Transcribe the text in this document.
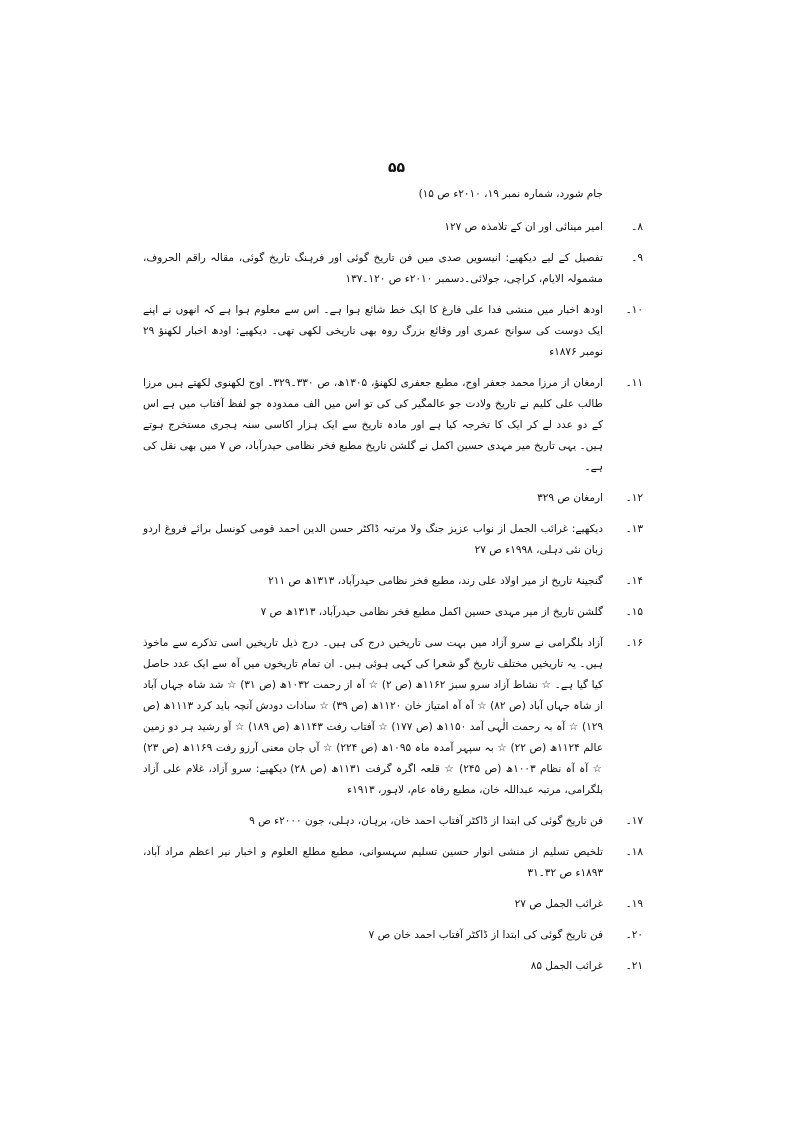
۵۵
جام شورد، شمارہ نمبر ۱۹، ۲۰۱۰ء ص ۱۵)
۸۔
امیر مینائی اور ان کے تلامذہ ص ۱۲۷
۹۔
تفصیل کے لیے دیکھیے: انیسویں صدی میں فن تاریخ گوئی اور فرہنگ تاریخ گوئی، مقالہ راقم الحروف، مشمولہ الایام، کراچی، جولائی۔دسمبر ۲۰۱۰ء ص ۱۲۰۔۱۳۷
۱۰۔
اودھ اخبار میں منشی فدا علی فارغ کا ایک خط شائع ہوا ہے۔ اس سے معلوم ہوا ہے کہ انھوں نے اپنے ایک دوست کی سوانح عمری اور وقائع بزرگ روہ بھی تاریخی لکھی تھی۔ دیکھیے: اودھ اخبار لکھنؤ ۲۹ نومبر ۱۸۷۶ء
۱۱۔
ارمغان از مرزا محمد جعفر اوج، مطبع جعفری لکھنؤ، ۱۳۰۵ھ، ص ۳۳۰۔۳۲۹۔ اوج لکھنوی لکھتے ہیں مرزا طالب علی کلیم نے تاریخ ولادت جو عالمگیر کی کی تو اس میں الف ممدودہ جو لفظ آفتاب میں ہے اس کے دو عدد لے کر ایک کا تخرجہ کیا ہے اور مادہ تاریخ سے ایک ہزار اکاسی سنہ ہجری مستخرج ہوتے ہیں۔ یہی تاریخ میر مہدی حسین اکمل نے گلشن تاریخ مطبع فخر نظامی حیدرآباد، ص ۷ میں بھی نقل کی ہے۔
۱۲۔
ارمغان ص ۳۲۹
۱۳۔
دیکھیے: غرائب الجمل از نواب عزیز جنگ ولا مرتبہ ڈاکٹر حسن الدین احمد قومی کونسل برائے فروغ اردو زبان نئی دہلی، ۱۹۹۸ء ص ۲۷
۱۴۔
گنجینۂ تاریخ از میر اولاد علی رند، مطبع فخر نظامی حیدرآباد، ۱۳۱۳ھ ص ۲۱۱
۱۵۔
گلشن تاریخ از میر مہدی حسین اکمل مطبع فخر نظامی حیدرآباد، ۱۳۱۳ھ ص ۷
۱۶۔
آزاد بلگرامی نے سرو آزاد میں بہت سی تاریخیں درج کی ہیں۔ درج ذیل تاریخیں اسی تذکرے سے ماخوذ ہیں۔ یہ تاریخیں مختلف تاریخ گو شعرا کی کہی ہوئی ہیں۔ ان تمام تاریخوں میں آہ سے ایک عدد حاصل کیا گیا ہے۔ ☆ نشاط آزاد سرو سبز ۱۱۶۲ھ (ص ۲) ☆ آہ از رحمت ۱۰۳۲ھ (ص ۳۱) ☆ شد شاہ جہاں آباد از شاہ جہاں آباد (ص ۸۲) ☆ آہ آہ امتیاز خان ۱۱۲۰ھ (ص ۳۹) ☆ سادات دودش آنچہ باید کرد ۱۱۱۳ھ (ص ۱۲۹) ☆ آہ بہ رحمت الٰہی آمد ۱۱۵۰ھ (ص ۱۷۷) ☆ آفتاب رفت ۱۱۴۳ھ (ص ۱۸۹) ☆ آو رشید ہر دو زمین عالم ۱۱۲۴ھ (ص ۲۲) ☆ بہ سپہر آمدہ ماہ ۱۰۹۵ھ (ص ۲۲۴) ☆ آں جان معنی آرزو رفت ۱۱۶۹ھ (ص ۲۳) ☆ آہ آہ نظام ۱۰۰۳ھ (ص ۲۴۵) ☆ قلعہ اگرہ گرفت ۱۱۳۱ھ (ص ۲۸) دیکھیے: سرو آزاد، غلام علی آزاد بلگرامی، مرتبہ عبداللہ خان، مطبع رفاہ عام، لاہور، ۱۹۱۳ء
۱۷۔
فن تاریخ گوئی کی ابتدا از ڈاکٹر آفتاب احمد خان، برہان، دہلی، جون ۲۰۰۰ء ص ۹
۱۸۔
تلخیص تسلیم از منشی انوار حسین تسلیم سہسوانی، مطبع مطلع العلوم و اخبار نیر اعظم مراد آباد، ۱۸۹۳ء ص ۳۲۔۳۱
۱۹۔
غرائب الجمل ص ۲۷
۲۰۔
فن تاریخ گوئی کی ابتدا از ڈاکٹر آفتاب احمد خان ص ۷
۲۱۔
غرائب الجمل ۸۵
